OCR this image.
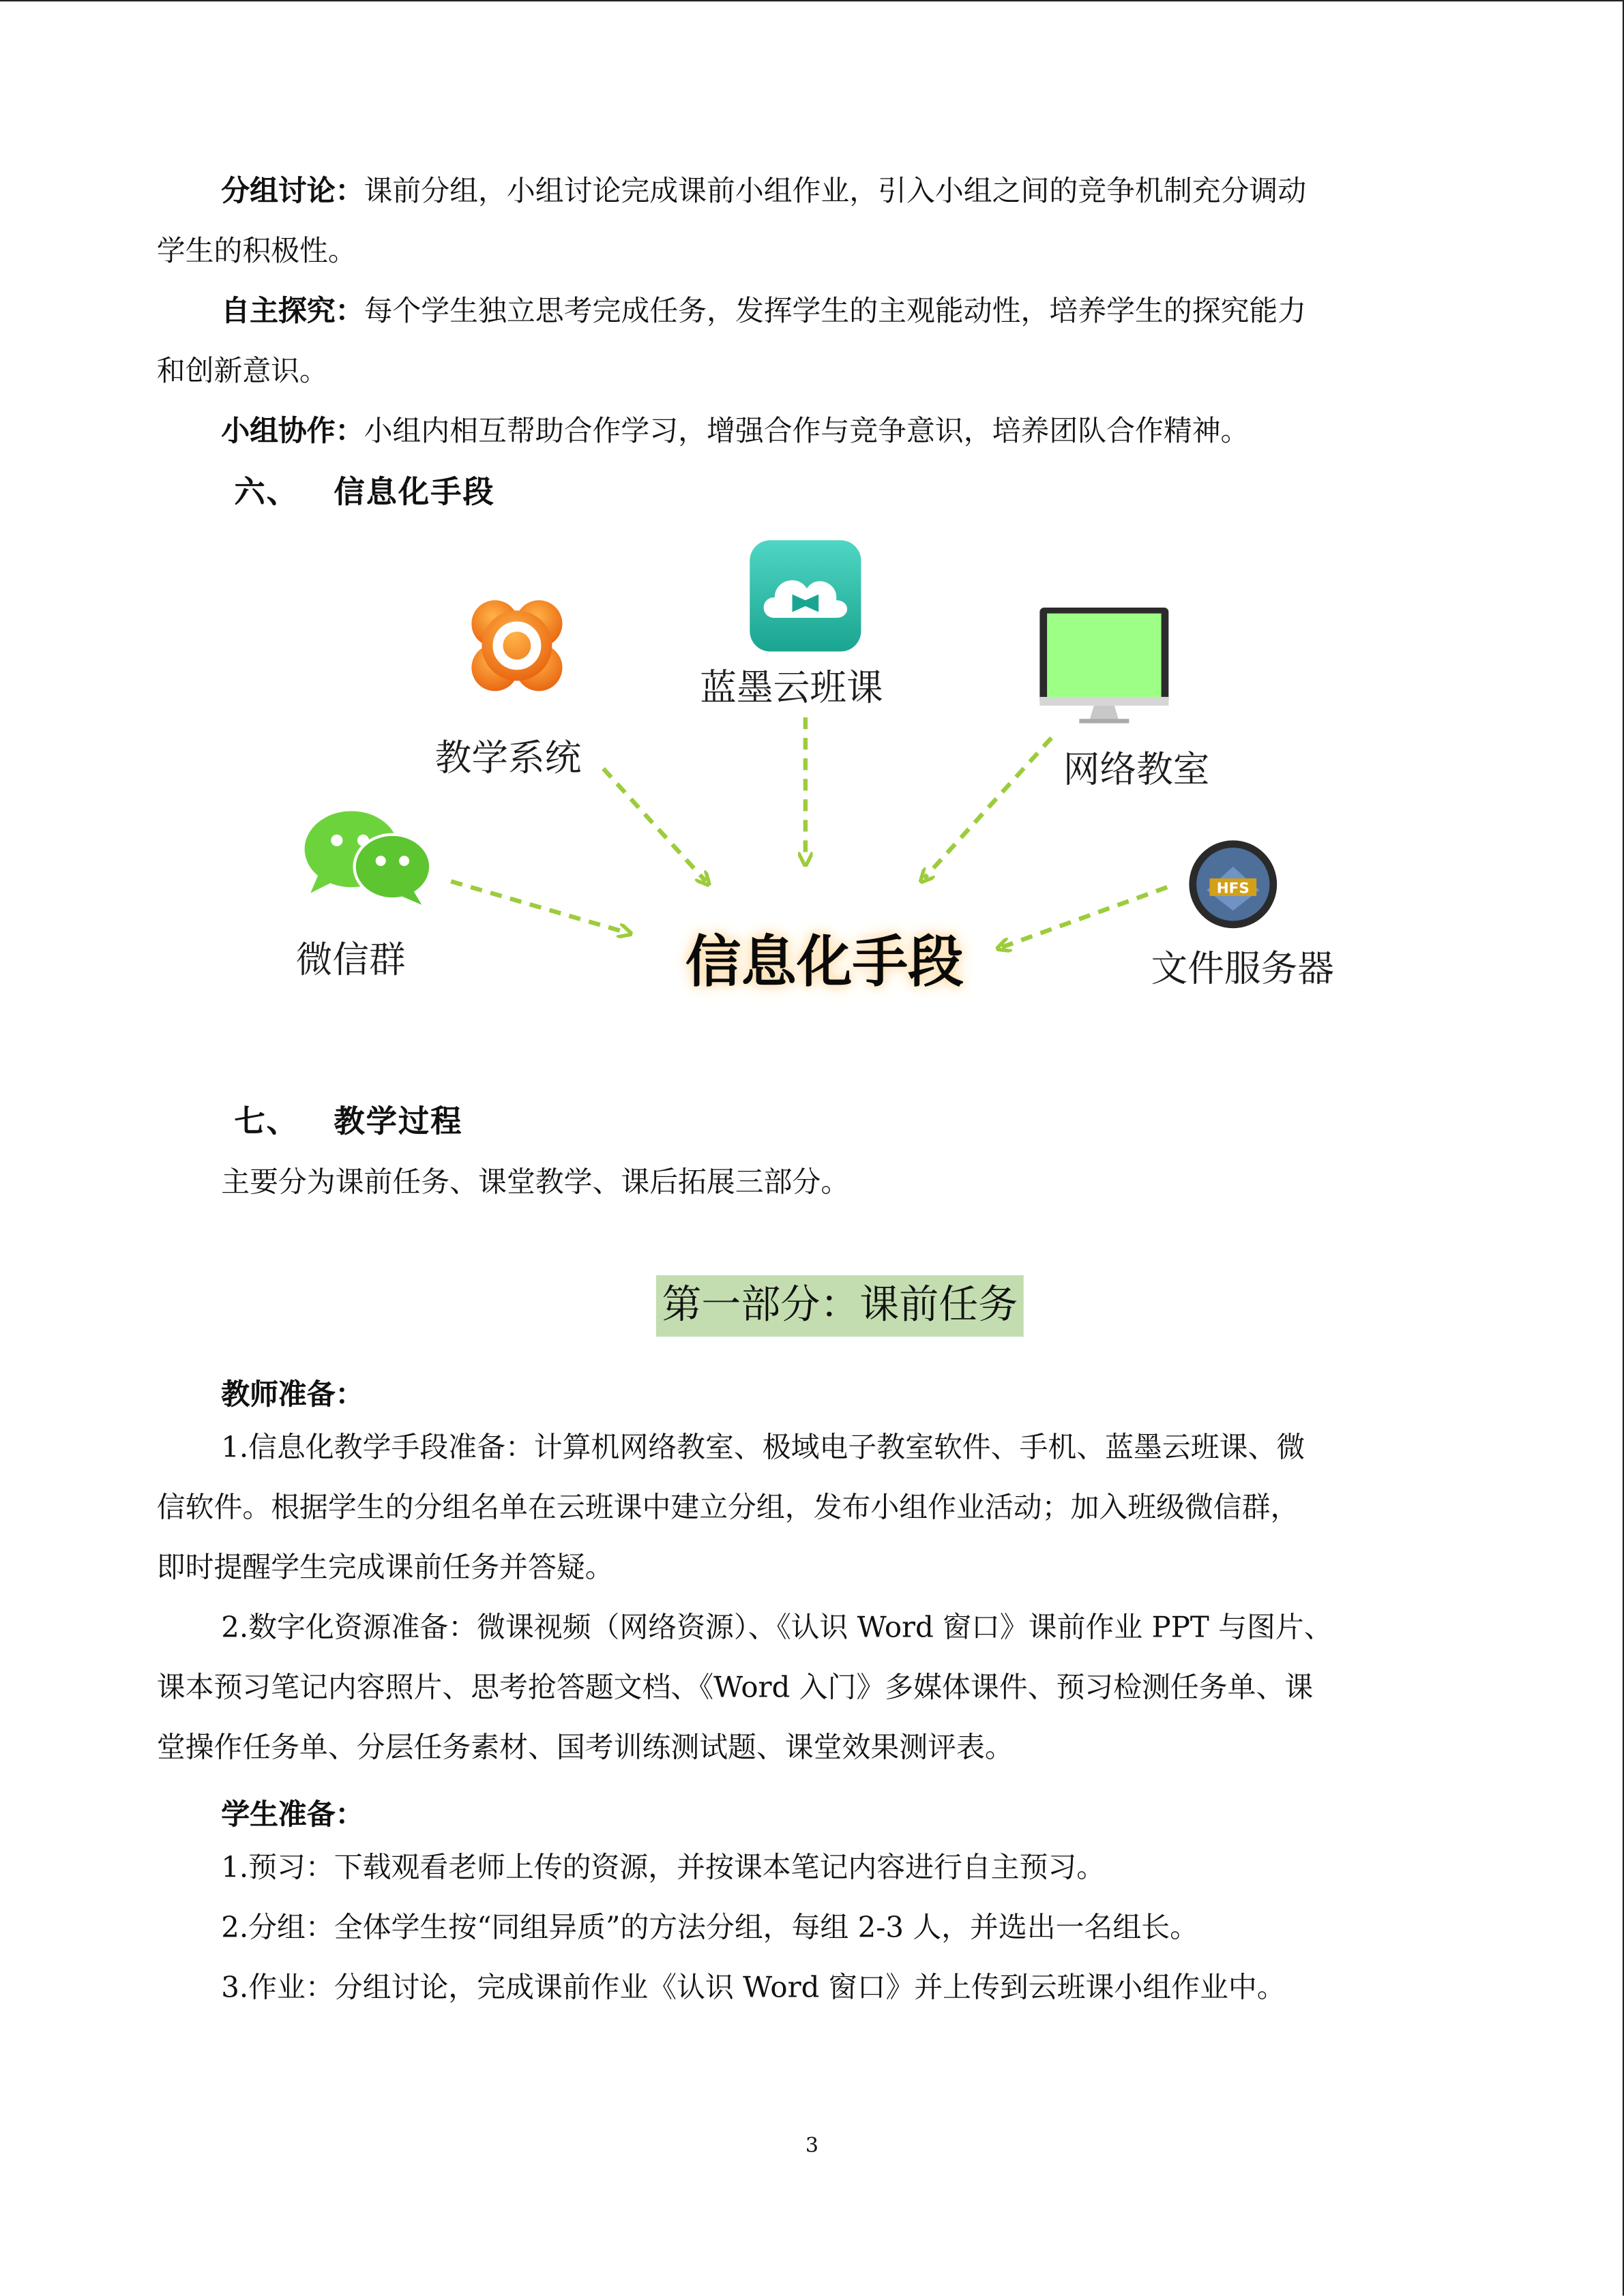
分组讨论：课前分组，小组讨论完成课前小组作业，引入小组之间的竞争机制充分调动

学生的积极性。

自主探究：每个学生独立思考完成任务，发挥学生的主观能动性，培养学生的探究能力

和创新意识。

小组协作：小组内相互帮助合作学习，增强合作与竞争意识，培养团队合作精神。

六、 信息化手段

教学系统
蓝墨云班课
网络教室
微信群
HFS
文件服务器
信息化手段

七、 教学过程

主要分为课前任务、课堂教学、课后拓展三部分。

第一部分：课前任务

教师准备：

1.信息化教学手段准备：计算机网络教室、极域电子教室软件、手机、蓝墨云班课、微

信软件。根据学生的分组名单在云班课中建立分组，发布小组作业活动；加入班级微信群，

即时提醒学生完成课前任务并答疑。

2.数字化资源准备：微课视频（网络资源）、《认识 Word 窗口》课前作业 PPT 与图片、

课本预习笔记内容照片、思考抢答题文档、《Word 入门》多媒体课件、预习检测任务单、课

堂操作任务单、分层任务素材、国考训练测试题、课堂效果测评表。

学生准备：

1.预习：下载观看老师上传的资源，并按课本笔记内容进行自主预习。

2.分组：全体学生按“同组异质”的方法分组，每组 2-3 人，并选出一名组长。

3.作业：分组讨论，完成课前作业《认识 Word 窗口》并上传到云班课小组作业中。

3
